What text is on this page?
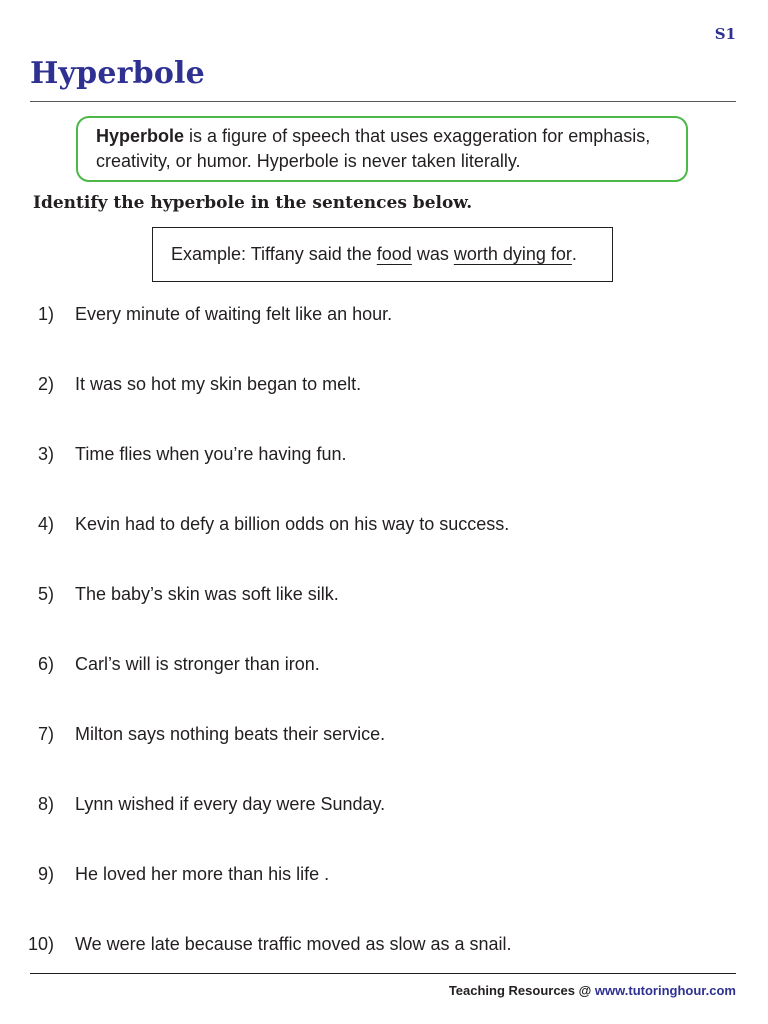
S1
Hyperbole
Hyperbole is a figure of speech that uses exaggeration for emphasis,
creativity, or humor. Hyperbole is never taken literally.
Identify the hyperbole in the sentences below.
Example: Tiffany said the food was worth dying for .
1) Every minute of waiting felt like an hour.
2) It was so hot my skin began to melt.
3) Time flies when you’re having fun.
4) Kevin had to defy a billion odds on his way to success.
5) The baby’s skin was soft like silk.
6) Carl’s will is stronger than iron.
7) Milton says nothing beats their service.
8) Lynn wished if every day were Sunday.
9) He loved her more than his life .
10) We were late because traffic moved as slow as a snail.
Teaching Resources @ www.tutoringhour.com
